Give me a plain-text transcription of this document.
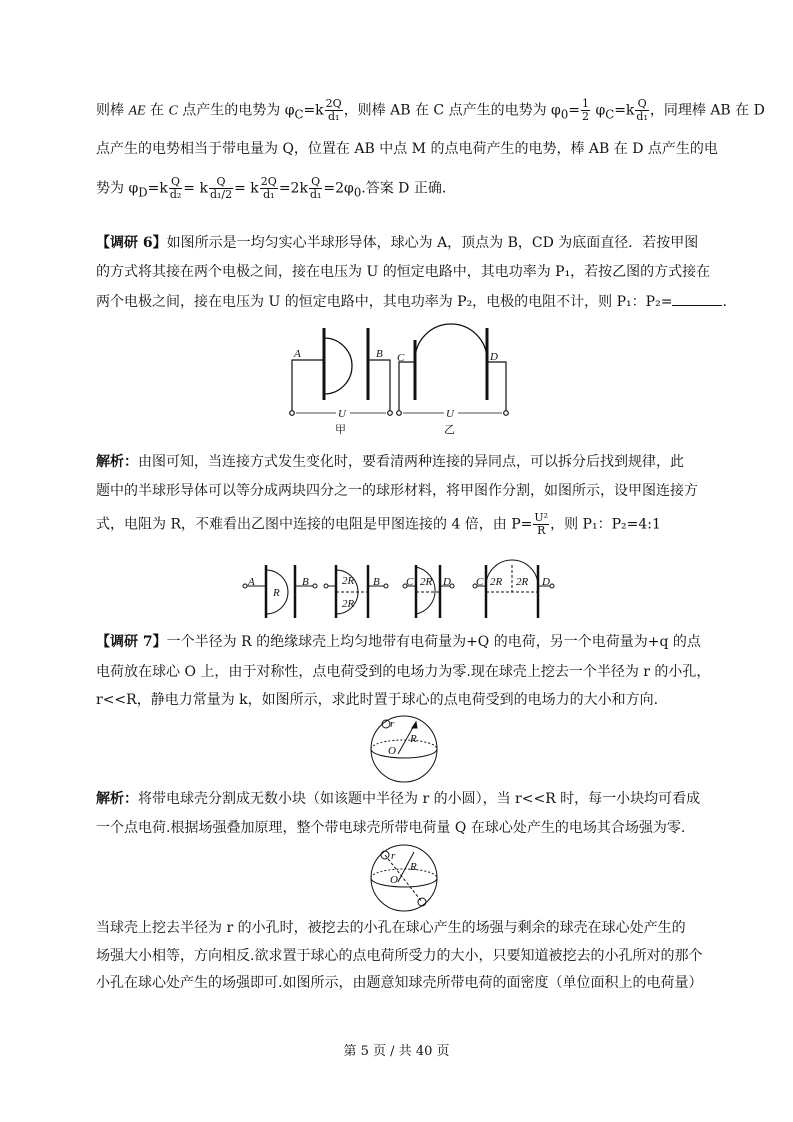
则棒 AE 在 C 点产生的电势为 $\varphi_C=k \frac{2Q}{\text{d₁}}$ ，则棒 AB 在 C 点产生的电势为 $\varphi_0= \frac{1}{2} \varphi_C=k \frac{Q}{\text{d₁}}$ ，同理棒 AB 在 D
点产生的电势相当于带电量为 Q，位置在 AB 中点 M 的点电荷产生的电势，棒 AB 在 D 点产生的电
势为 $\varphi_D=k \frac{Q}{\text{d₂}} = k \frac{Q}{\text{d₁/2}} = k \frac{2Q}{\text{d₁}} =2k \frac{Q}{\text{d₁}} =2\varphi_0$.答案 D 正确.
【调研 6】如图所示是一均匀实心半球形导体，球心为 A，顶点为 B，CD 为底面直径．若按甲图
的方式将其接在两个电极之间，接在电压为 U 的恒定电路中，其电功率为 P₁，若按乙图的方式接在
两个电极之间，接在电压为 U 的恒定电路中，其电功率为 P₂，电极的电阻不计，则 P₁：P₂=	.
A	B C	D
U	U
甲	乙
解析：由图可知，当连接方式发生变化时，要看清两种连接的异同点，可以拆分后找到规律，此
题中的半球形导体可以等分成两块四分之一的球形材料，将甲图作分割，如图所示，设甲图连接方
式，电阻为 R，不难看出乙图中连接的电阻是甲图连接的 4 倍，由 $P= \frac{\text{U²}}{R}$ ，则 P₁：P₂=4:1
A
R
B	2R
2R
B C 2R D C 2R 2R D
【调研 7】一个半径为 R 的绝缘球壳上均匀地带有电荷量为+Q 的电荷，另一个电荷量为+q 的点
电荷放在球心 O 上，由于对称性，点电荷受到的电场力为零.现在球壳上挖去一个半径为 r 的小孔，
r<<R，静电力常量为 k，如图所示，求此时置于球心的点电荷受到的电场力的大小和方向.
r
R
O
解析：将带电球壳分割成无数小块（如该题中半径为 r 的小圆），当 r<<R 时，每一小块均可看成
一个点电荷.根据场强叠加原理，整个带电球壳所带电荷量 Q 在球心处产生的电场其合场强为零.
r
R
O
当球壳上挖去半径为 r 的小孔时，被挖去的小孔在球心产生的场强与剩余的球壳在球心处产生的
场强大小相等，方向相反.欲求置于球心的点电荷所受力的大小，只要知道被挖去的小孔所对的那个
小孔在球心处产生的场强即可.如图所示，由题意知球壳所带电荷的面密度（单位面积上的电荷量）
第 5 页 / 共 40 页
